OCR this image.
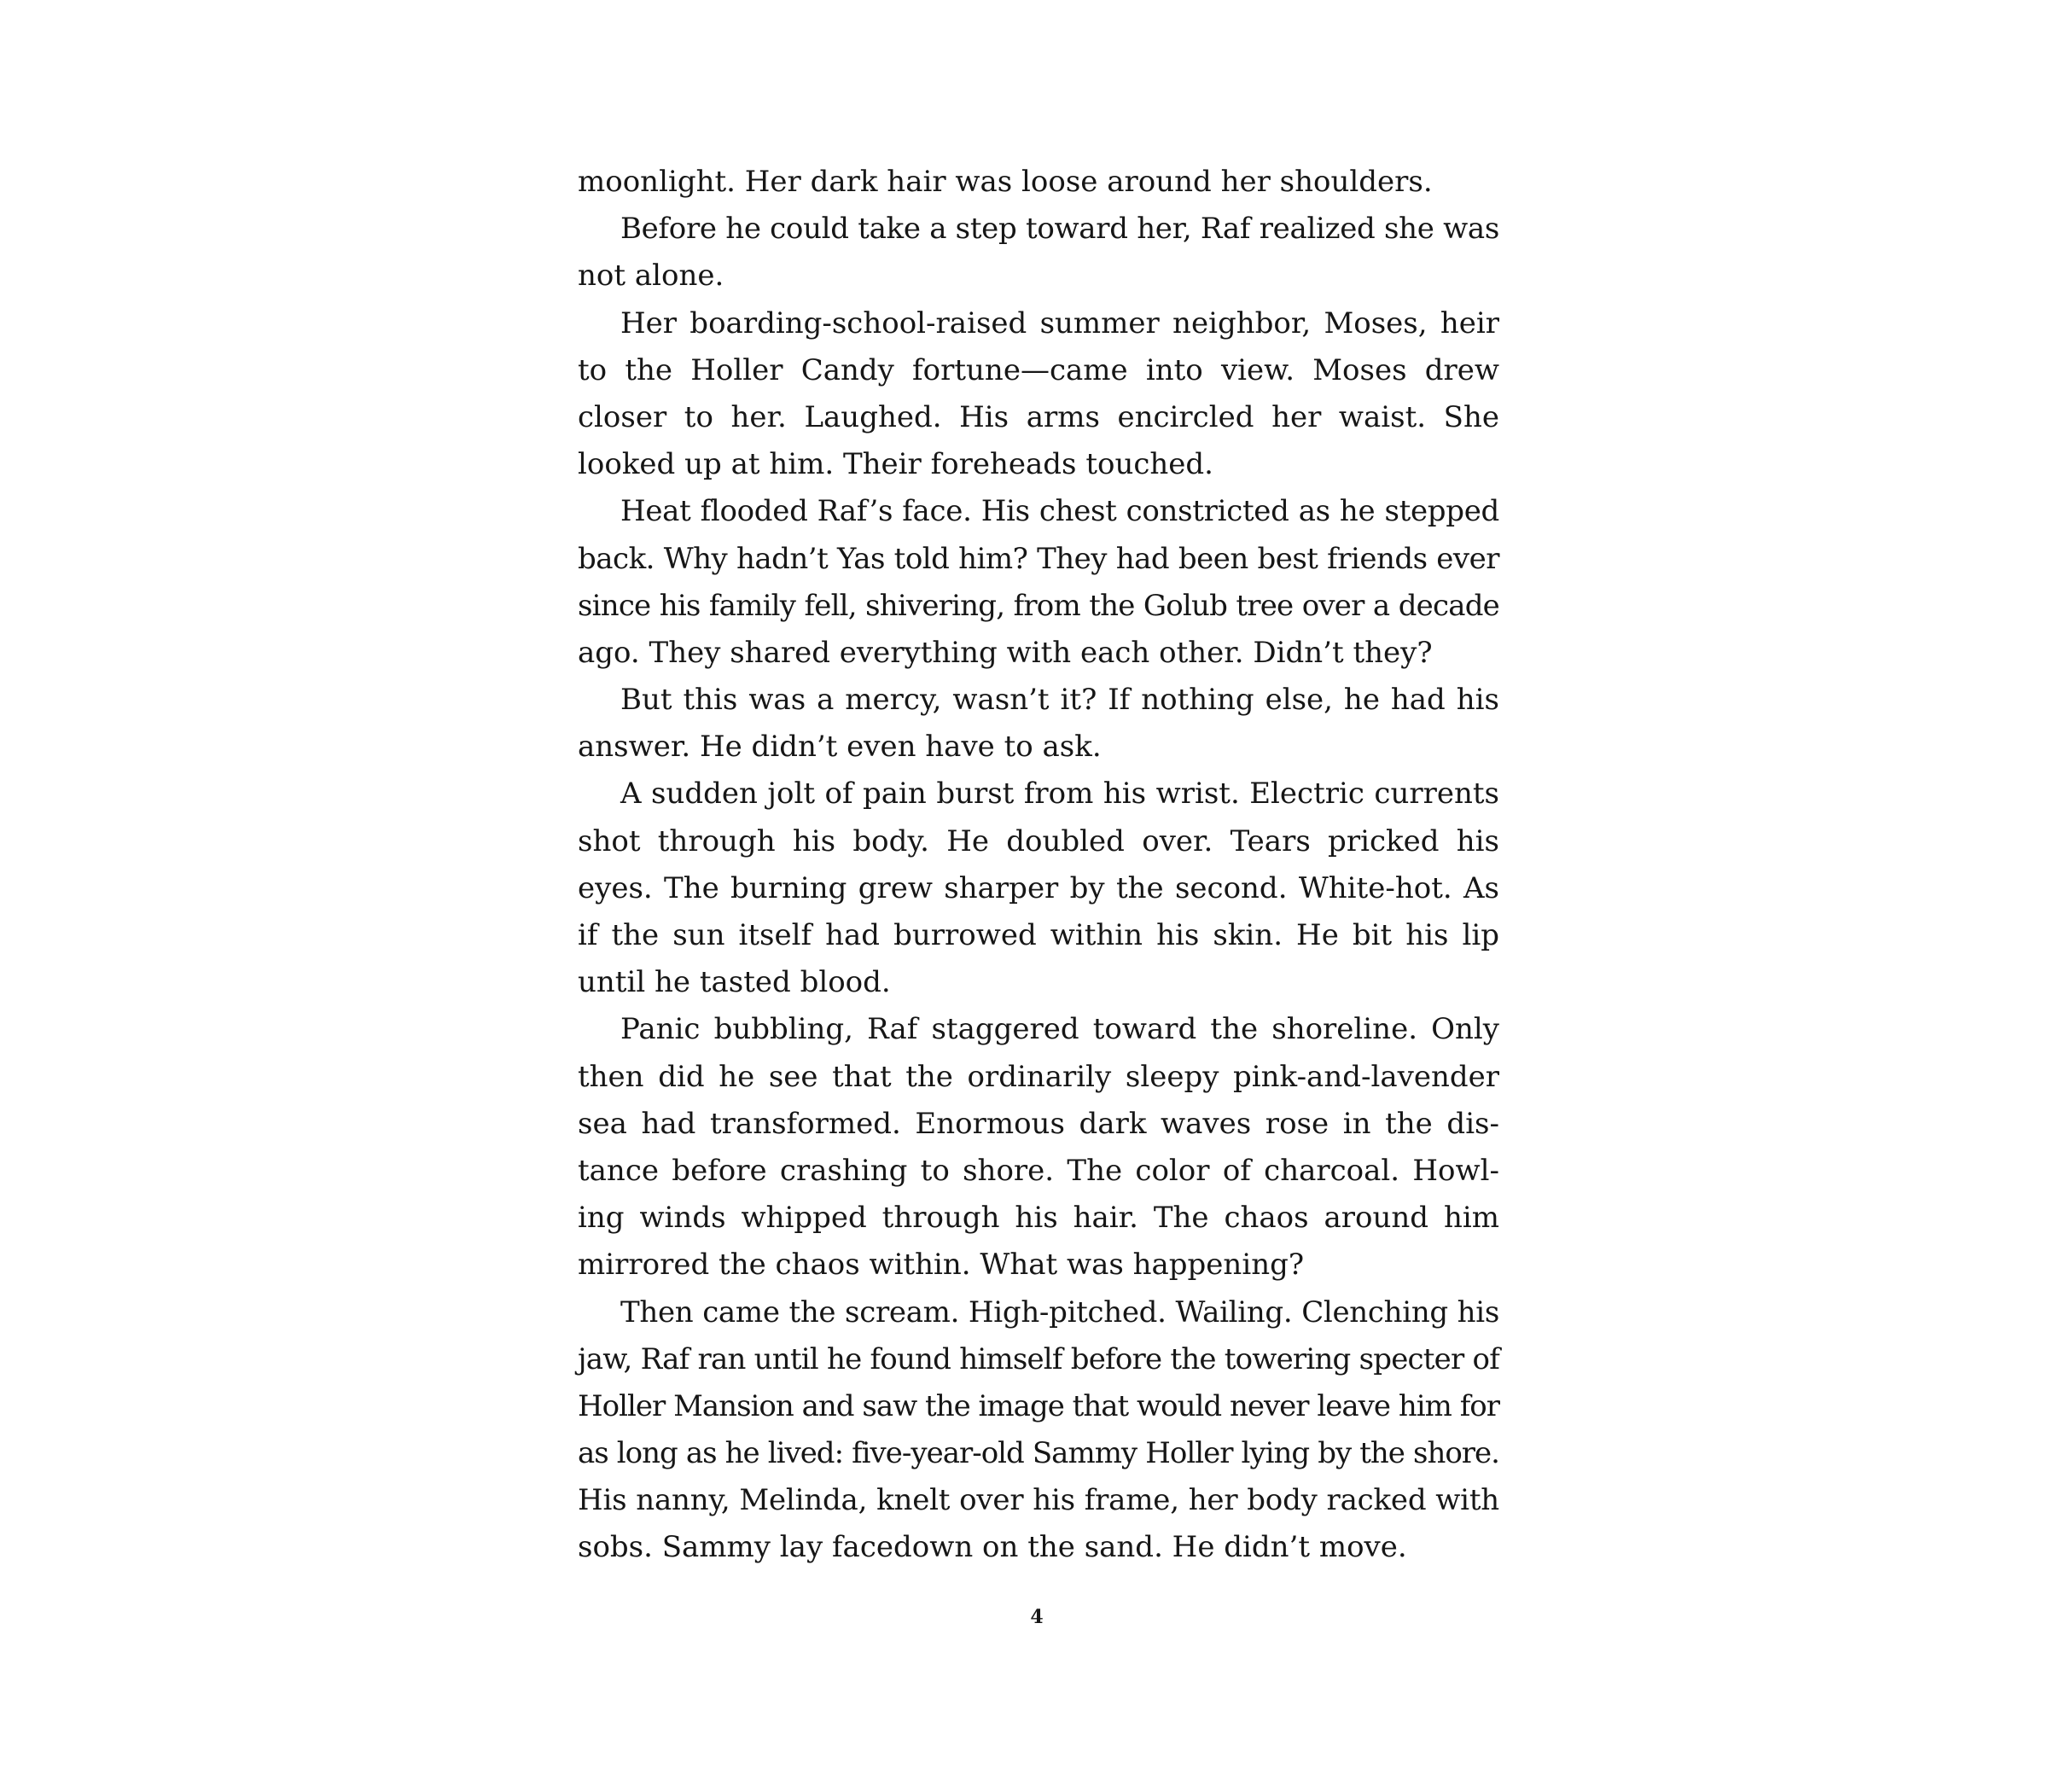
moonlight. Her dark hair was loose around her shoulders.
Before he could take a step toward her, Raf realized she was
not alone.
Her boarding-school-raised summer neighbor, Moses, heir
to the Holler Candy fortune—came into view. Moses drew
closer to her. Laughed. His arms encircled her waist. She
looked up at him. Their foreheads touched.
Heat flooded Raf’s face. His chest constricted as he stepped
back. Why hadn’t Yas told him? They had been best friends ever
since his family fell, shivering, from the Golub tree over a decade
ago. They shared everything with each other. Didn’t they?
But this was a mercy, wasn’t it? If nothing else, he had his
answer. He didn’t even have to ask.
A sudden jolt of pain burst from his wrist. Electric currents
shot through his body. He doubled over. Tears pricked his
eyes. The burning grew sharper by the second. White-hot. As
if the sun itself had burrowed within his skin. He bit his lip
until he tasted blood.
Panic bubbling, Raf staggered toward the shoreline. Only
then did he see that the ordinarily sleepy pink-and-lavender
sea had transformed. Enormous dark waves rose in the dis-
tance before crashing to shore. The color of charcoal. Howl-
ing winds whipped through his hair. The chaos around him
mirrored the chaos within. What was happening?
Then came the scream. High-pitched. Wailing. Clenching his
jaw, Raf ran until he found himself before the towering specter of
Holler Mansion and saw the image that would never leave him for
as long as he lived: five-year-old Sammy Holler lying by the shore.
His nanny, Melinda, knelt over his frame, her body racked with
sobs. Sammy lay facedown on the sand. He didn’t move.
4
